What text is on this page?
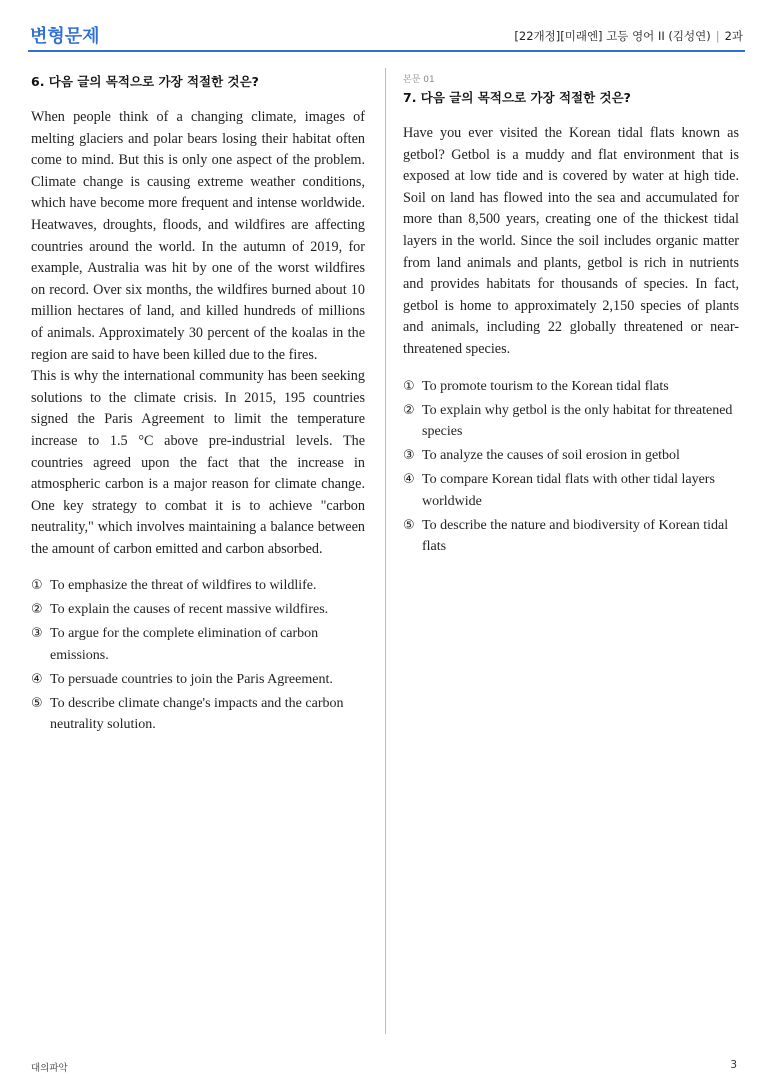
변형문제	[22개정][미래엔] 고등 영어 II (김성연) | 2과
6. 다음 글의 목적으로 가장 적절한 것은?

When people think of a changing climate, images of melting glaciers and polar bears losing their habitat often come to mind. But this is only one aspect of the problem. Climate change is causing extreme weather conditions, which have become more frequent and intense worldwide. Heatwaves, droughts, floods, and wildfires are affecting countries around the world. In the autumn of 2019, for example, Australia was hit by one of the worst wildfires on record. Over six months, the wildfires burned about 10 million hectares of land, and killed hundreds of millions of animals. Approximately 30 percent of the koalas in the region are said to have been killed due to the fires.

This is why the international community has been seeking solutions to the climate crisis. In 2015, 195 countries signed the Paris Agreement to limit the temperature increase to 1.5 °C above pre-industrial levels. The countries agreed upon the fact that the increase in atmospheric carbon is a major reason for climate change. One key strategy to combat it is to achieve "carbon neutrality," which involves maintaining a balance between the amount of carbon emitted and carbon absorbed.

① To emphasize the threat of wildfires to wildlife.
② To explain the causes of recent massive wildfires.
③ To argue for the complete elimination of carbon emissions.
④ To persuade countries to join the Paris Agreement.
⑤ To describe climate change's impacts and the carbon neutrality solution.
본문 01
7. 다음 글의 목적으로 가장 적절한 것은?

Have you ever visited the Korean tidal flats known as getbol? Getbol is a muddy and flat environment that is exposed at low tide and is covered by water at high tide. Soil on land has flowed into the sea and accumulated for more than 8,500 years, creating one of the thickest tidal layers in the world. Since the soil includes organic matter from land animals and plants, getbol is rich in nutrients and provides habitats for thousands of species. In fact, getbol is home to approximately 2,150 species of plants and animals, including 22 globally threatened or near-threatened species.

① To promote tourism to the Korean tidal flats
② To explain why getbol is the only habitat for threatened species
③ To analyze the causes of soil erosion in getbol
④ To compare Korean tidal flats with other tidal layers worldwide
⑤ To describe the nature and biodiversity of Korean tidal flats
대의파악	3
